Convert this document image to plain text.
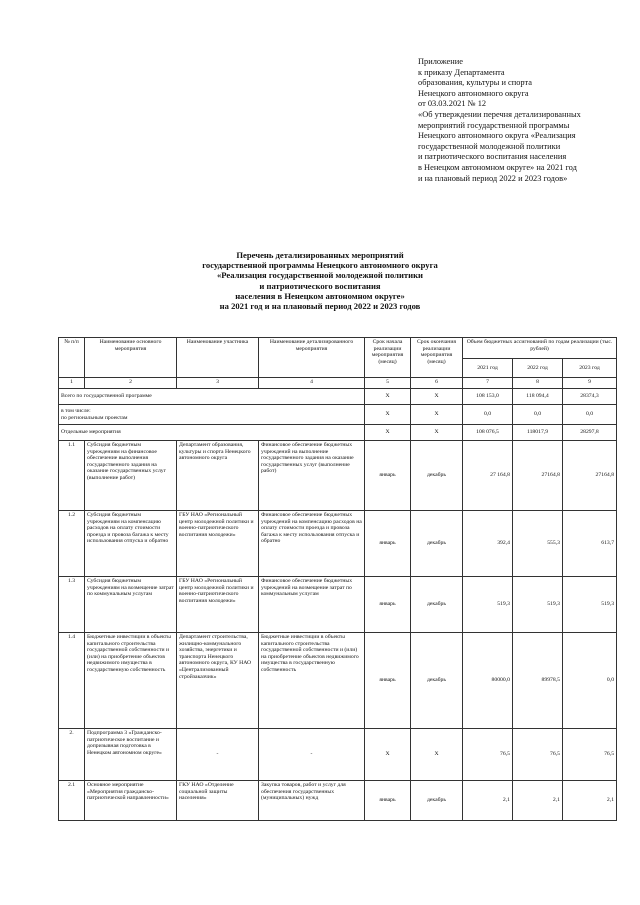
Приложение
к приказу Департамента
образования, культуры и спорта
Ненецкого автономного округа
от 03.03.2021 № 12
«Об утверждении перечня детализированных
мероприятий государственной программы
Ненецкого автономного округа «Реализация
государственной молодежной политики
и патриотического воспитания населения
в Ненецком автономном округе» на 2021 год
и на плановый период 2022 и 2023 годов»
Перечень детализированных мероприятий
государственной программы Ненецкого автономного округа
«Реализация государственной молодежной политики
и патриотического воспитания
населения в Ненецком автономном округе»
на 2021 год и на плановый период 2022 и 2023 годов
№ п/п	Наименование основного мероприятия	Наименование участника	Наименование детализированного мероприятия	Срок начала реализации мероприятия (месяц)	Срок окончания реализации мероприятия (месяц)	Объем бюджетных ассигнований по годам реализации (тыс. рублей)		
						2021 год	2022 год	2023 год
1	2	3	4	5	6	7	8	9
Всего по государственной программе				Х	Х	108 153,0	118 094,4	28374,3

в том числе:
по региональным проектам				Х	Х	0,0	0,0	0,0
Отдельные мероприятия				Х	Х	108 076,5	118017,9	28297,8
1.1	Субсидия бюджетным учреждениям на финансовое обеспечение выполнения государственного задания на оказание государственных услуг (выполнение работ)	Департамент образования, культуры и спорта Ненецкого автономного округа	Финансовое обеспечение бюджетных учреждений на выполнение государственного задания на оказание государственных услуг (выполнение работ)	январь	декабрь	27 164,8	27164,8	27164,8
1.2	Субсидия бюджетным учреждениям на компенсацию расходов на оплату стоимости проезда и провоза багажа к месту использования отпуска и обратно	ГБУ НАО «Региональный центр молодежной политики и военно-патриотического воспитания молодежи»	Финансовое обеспечение бюджетных учреждений на компенсацию расходов на оплату стоимости проезда и провоза багажа к месту использования отпуска и обратно	январь	декабрь	392,4	555,3	613,7
1.3	Субсидия бюджетным учреждениям на возмещение затрат по коммунальным услугам	ГБУ НАО «Региональный центр молодежной политики и военно-патриотического воспитания молодежи»	Финансовое обеспечение бюджетных учреждений на возмещение затрат по коммунальным услугам	январь	декабрь	519,3	519,3	519,3
1.4	Бюджетные инвестиции в объекты капитального строительства государственной собственности и (или) на приобретение объектов недвижимого имущества в государственную собственность	Департамент строительства, жилищно-коммунального хозяйства, энергетики и транспорта Ненецкого автономного округа, КУ НАО «Централизованный стройзаказчик»	Бюджетные инвестиции в объекты капитального строительства государственной собственности и (или) на приобретение объектов недвижимого имущества в государственную собственность	январь	декабрь	80000,0	89978,5	0,0
2.	Подпрограмма 3 «Гражданско-патриотическое воспитание и допризывная подготовка в Ненецком автономном округе»	-	-	Х	Х	76,5	76,5	76,5
2.1	Основное мероприятие «Мероприятия гражданско-патриотической направленности»	ГКУ НАО «Отделение социальной защиты населения»	Закупка товаров, работ и услуг для обеспечения государственных (муниципальных) нужд	январь	декабрь	2,1	2,1	2,1
